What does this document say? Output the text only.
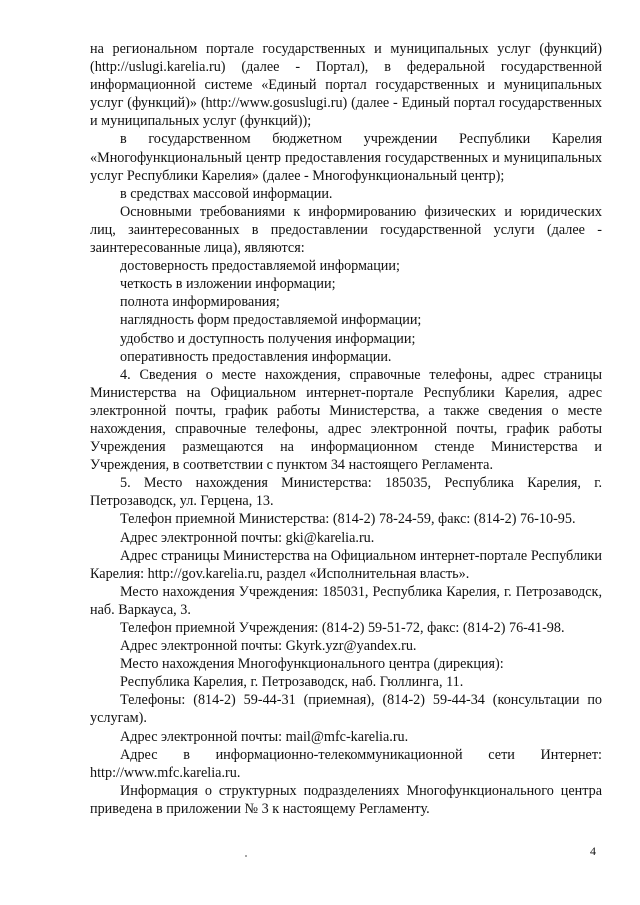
на региональном портале государственных и муниципальных услуг (функций) (http://uslugi.karelia.ru) (далее - Портал), в федеральной государственной информационной системе «Единый портал государственных и муниципальных услуг (функций)» (http://www.gosuslugi.ru) (далее - Единый портал государственных и муниципальных услуг (функций));

в государственном бюджетном учреждении Республики Карелия «Многофункциональный центр предоставления государственных и муниципальных услуг Республики Карелия» (далее - Многофункциональный центр);

в средствах массовой информации.

Основными требованиями к информированию физических и юридических лиц, заинтересованных в предоставлении государственной услуги (далее - заинтересованные лица), являются:

достоверность предоставляемой информации;

четкость в изложении информации;

полнота информирования;

наглядность форм предоставляемой информации;

удобство и доступность получения информации;

оперативность предоставления информации.

4. Сведения о месте нахождения, справочные телефоны, адрес страницы Министерства на Официальном интернет-портале Республики Карелия, адрес электронной почты, график работы Министерства, а также сведения о месте нахождения, справочные телефоны, адрес электронной почты, график работы Учреждения размещаются на информационном стенде Министерства и Учреждения, в соответствии с пунктом 34 настоящего Регламента.

5. Место нахождения Министерства: 185035, Республика Карелия, г. Петрозаводск, ул. Герцена, 13.

Телефон приемной Министерства: (814-2) 78-24-59, факс: (814-2) 76-10-95.

Адрес электронной почты: gki@karelia.ru.

Адрес страницы Министерства на Официальном интернет-портале Республики Карелия: http://gov.karelia.ru, раздел «Исполнительная власть».

Место нахождения Учреждения: 185031, Республика Карелия, г. Петрозаводск, наб. Варкауса, 3.

Телефон приемной Учреждения: (814-2) 59-51-72, факс: (814-2) 76-41-98.

Адрес электронной почты: Gkyrk.yzr@yandex.ru.

Место нахождения Многофункционального центра (дирекция):

Республика Карелия, г. Петрозаводск, наб. Гюллинга, 11.

Телефоны: (814-2) 59-44-31 (приемная), (814-2) 59-44-34 (консультации по услугам).

Адрес электронной почты: mail@mfc-karelia.ru.

Адрес в информационно-телекоммуникационной сети Интернет: http://www.mfc.karelia.ru.

Информация о структурных подразделениях Многофункционального центра приведена в приложении № 3 к настоящему Регламенту.

4
